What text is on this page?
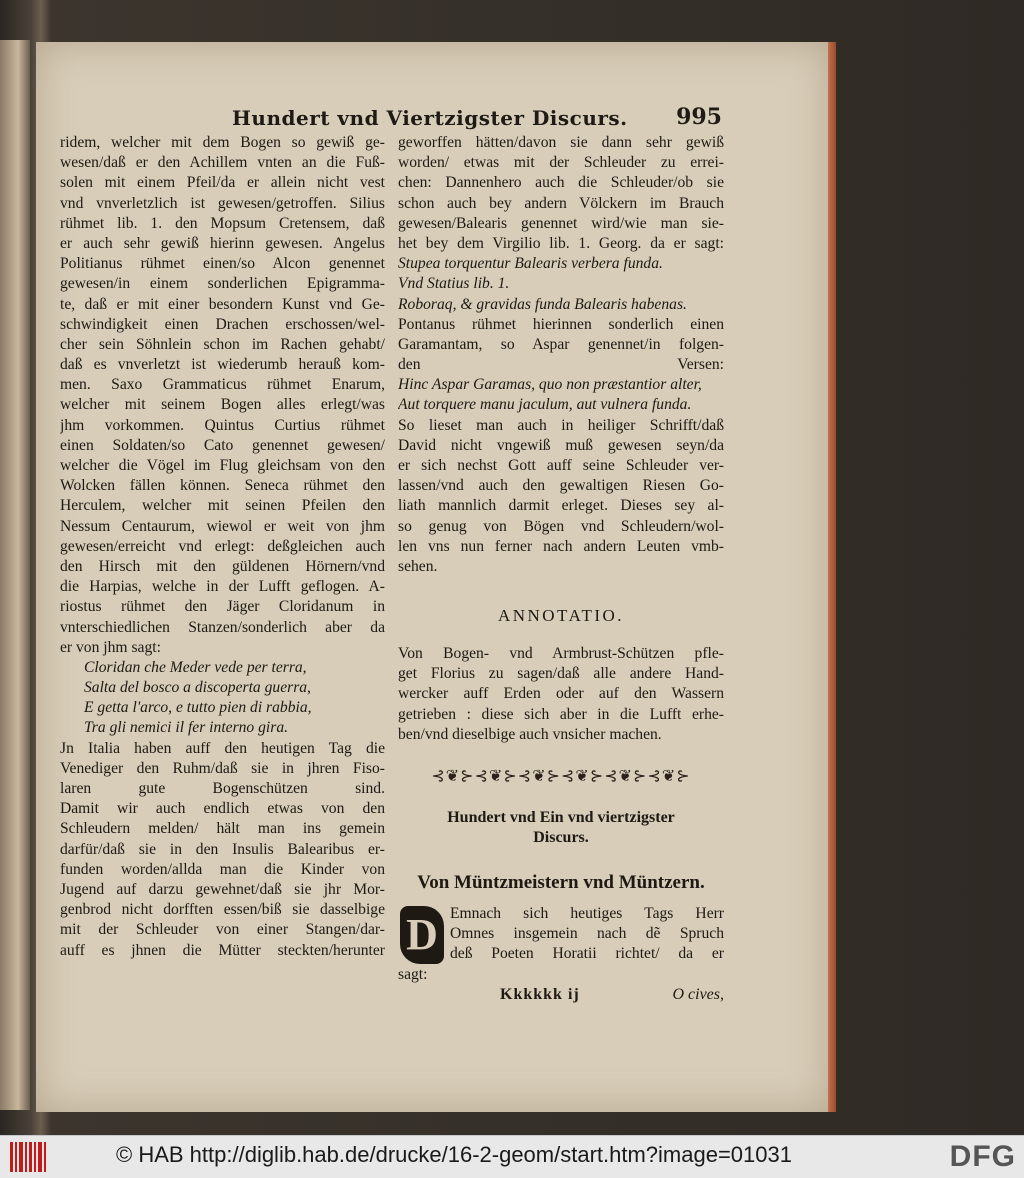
Hundert vnd Viertzigster Discurs. 995
ridem, welcher mit dem Bogen so gewiß ge-
wesen/daß er den Achillem vnten an die Fuß-
solen mit einem Pfeil/da er allein nicht vest
vnd vnverletzlich ist gewesen/getroffen. Silius
rühmet lib. 1. den Mopsum Cretensem, daß
er auch sehr gewiß hierinn gewesen. Angelus
Politianus rühmet einen/so Alcon genennet
gewesen/in einem sonderlichen Epigramma-
te, daß er mit einer besondern Kunst vnd Ge-
schwindigkeit einen Drachen erschossen/wel-
cher sein Söhnlein schon im Rachen gehabt/
daß es vnverletzt ist wiederumb herauß kom-
men. Saxo Grammaticus rühmet Enarum,
welcher mit seinem Bogen alles erlegt/was
jhm vorkommen. Quintus Curtius rühmet
einen Soldaten/so Cato genennet gewesen/
welcher die Vögel im Flug gleichsam von den
Wolcken fällen können. Seneca rühmet den
Herculem, welcher mit seinen Pfeilen den
Nessum Centaurum, wiewol er weit von jhm
gewesen/erreicht vnd erlegt: deßgleichen auch
den Hirsch mit den güldenen Hörnern/vnd
die Harpias, welche in der Lufft geflogen. A-
riostus rühmet den Jäger Cloridanum in
vnterschiedlichen Stanzen/sonderlich aber da
er von jhm sagt:
Cloridan che Meder vede per terra,
Salta del bosco a discoperta guerra,
E getta l'arco, e tutto pien di rabbia,
Tra gli nemici il fer interno gira.
Jn Italia haben auff den heutigen Tag die
Venediger den Ruhm/daß sie in jhren Fiso-
laren gute Bogenschützen sind.
Damit wir auch endlich etwas von den
Schleudern melden/ hält man ins gemein
darfür/daß sie in den Insulis Balearibus er-
funden worden/allda man die Kinder von
Jugend auf darzu gewehnet/daß sie jhr Mor-
genbrod nicht dorfften essen/biß sie dasselbige
mit der Schleuder von einer Stangen/dar-
auff es jhnen die Mütter steckten/herunter
geworffen hätten/davon sie dann sehr gewiß
worden/ etwas mit der Schleuder zu errei-
chen: Dannenhero auch die Schleuder/ob sie
schon auch bey andern Völckern im Brauch
gewesen/Balearis genennet wird/wie man sie-
het bey dem Virgilio lib. 1. Georg. da er sagt:
Stupea torquentur Balearis verbera funda.
Vnd Statius lib. 1.
Roboraq, & gravidas funda Balearis habenas.
Pontanus rühmet hierinnen sonderlich einen
Garamantam, so Aspar genennet/in folgen-
den Versen:
Hinc Aspar Garamas, quo non præstantior alter,
Aut torquere manu jaculum, aut vulnera funda.
So lieset man auch in heiliger Schrifft/daß
David nicht vngewiß muß gewesen seyn/da
er sich nechst Gott auff seine Schleuder ver-
lassen/vnd auch den gewaltigen Riesen Go-
liath mannlich darmit erleget. Dieses sey al-
so genug von Bögen vnd Schleudern/wol-
len vns nun ferner nach andern Leuten vmb-
sehen.
ANNOTATIO.
Von Bogen- vnd Armbrust-Schützen pfle-
get Florius zu sagen/daß alle andere Hand-
wercker auff Erden oder auf den Wassern
getrieben : diese sich aber in die Lufft erhe-
ben/vnd dieselbige auch vnsicher machen.
⊰❦⊱⊰❦⊱⊰❦⊱⊰❦⊱⊰❦⊱⊰❦⊱
Hundert vnd Ein vnd viertzigster
Discurs.
Von Müntzmeistern vnd Müntzern.
D Emnach sich heutiges Tags Herr
Omnes insgemein nach dẽ Spruch
deß Poeten Horatii richtet/ da er
sagt:
Kkkkkk ij	O cives,
© HAB http://diglib.hab.de/drucke/16-2-geom/start.htm?image=01031	DFG
